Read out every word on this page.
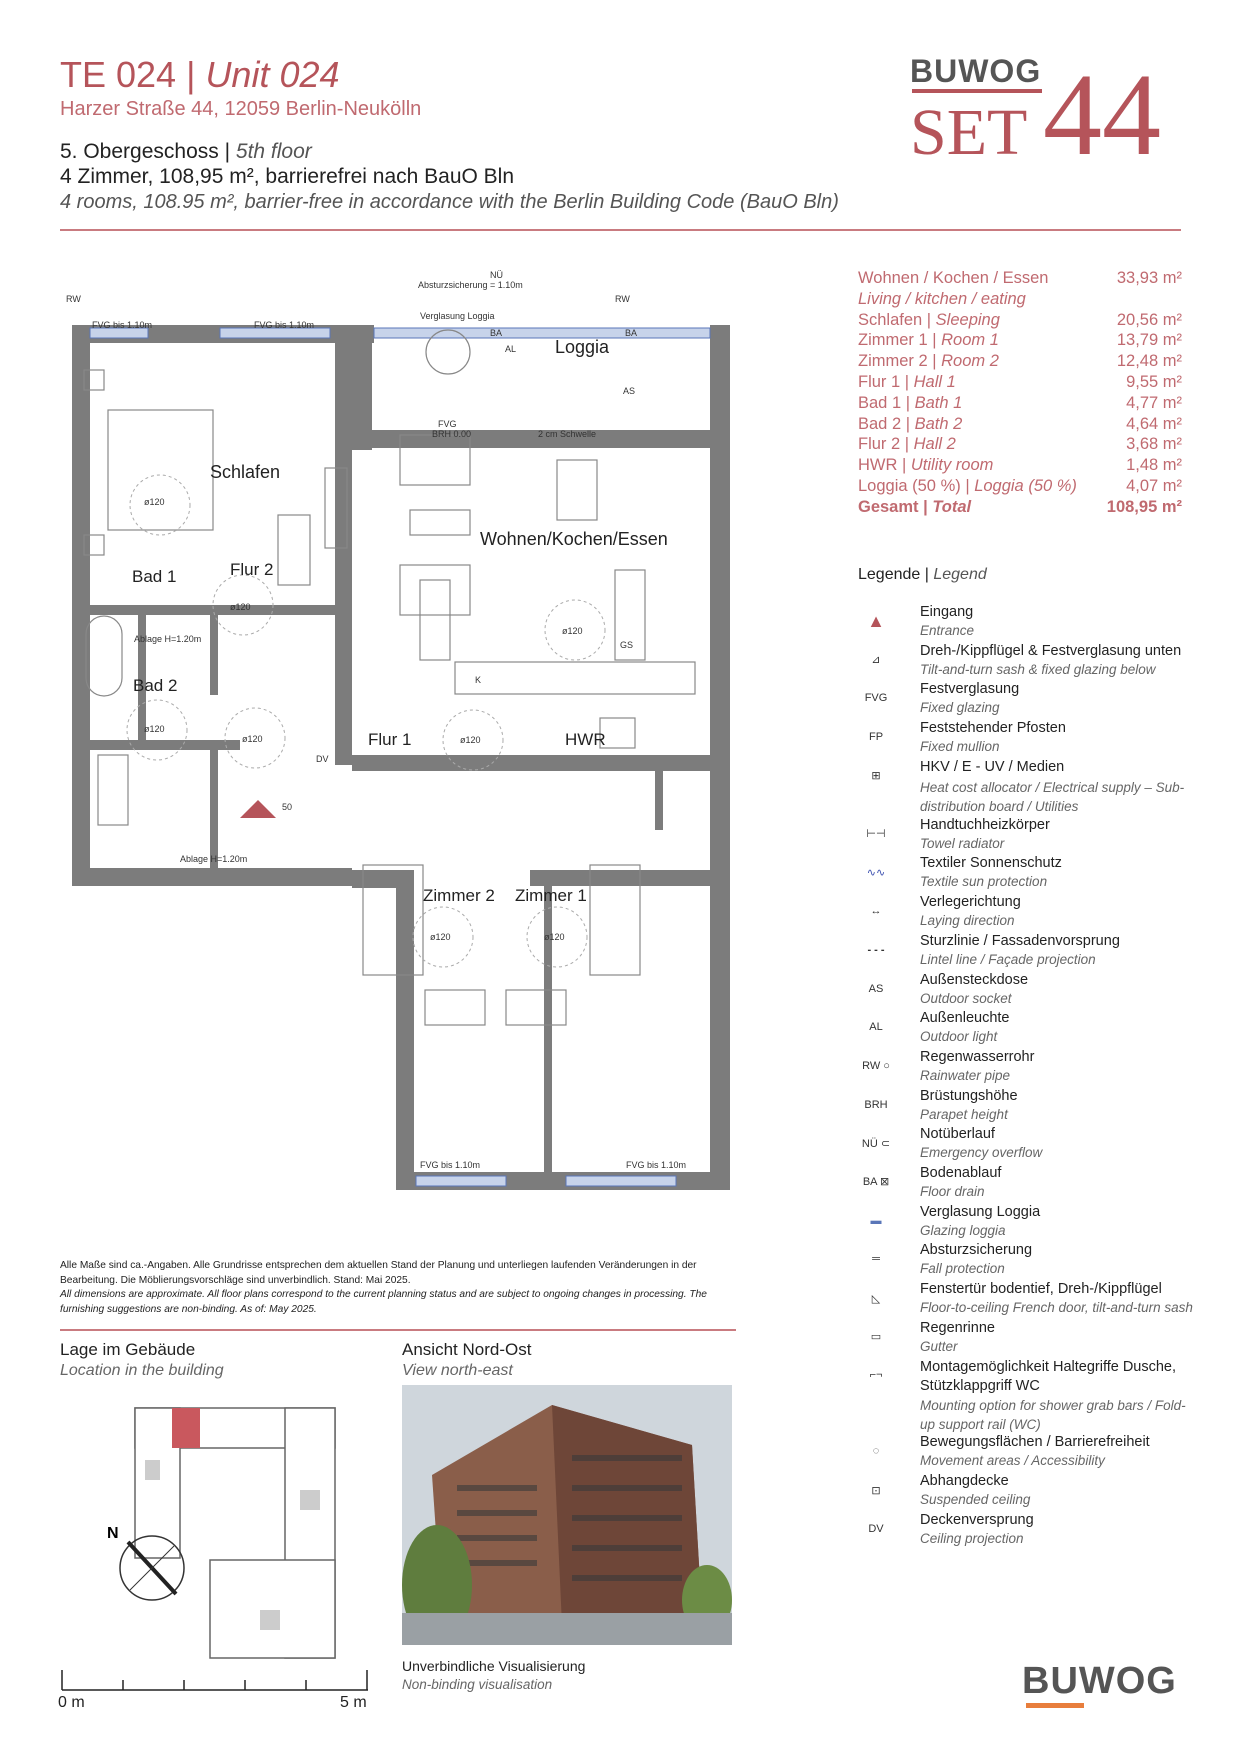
TE 024 | Unit 024
Harzer Straße 44, 12059 Berlin-Neukölln
5. Obergeschoss | 5th floor
4 Zimmer, 108,95 m², barrierefrei nach BauO Bln
4 rooms, 108.95 m², barrier-free in accordance with the Berlin Building Code (BauO Bln)
BUWOG
SET 44
Wohnen / Kochen / Essen	33,93 m²
Living / kitchen / eating
Schlafen | Sleeping	20,56 m²
Zimmer 1 | Room 1	13,79 m²
Zimmer 2 | Room 2	12,48 m²
Flur 1 | Hall 1	9,55 m²
Bad 1 | Bath 1	4,77 m²
Bad 2 | Bath 2	4,64 m²
Flur 2 | Hall 2	3,68 m²
HWR | Utility room	1,48 m²
Loggia (50 %) | Loggia (50 %)	4,07 m²
Gesamt | Total	108,95 m²
Legende | Legend
▲	Eingang
Entrance
⊿
Dreh-/Kippflügel & Festverglasung unten
Tilt-and-turn sash & fixed glazing below
FVG
Festverglasung
Fixed glazing
FP
Feststehender Pfosten
Fixed mullion
⊞
HKV / E - UV / Medien
Heat cost allocator / Electrical supply – Sub-distribution board / Utilities
⊢⊣
Handtuchheizkörper
Towel radiator
∿∿
Textiler Sonnenschutz
Textile sun protection
↔
Verlegerichtung
Laying direction
- - -
Sturzlinie / Fassadenvorsprung
Lintel line / Façade projection
AS
Außensteckdose
Outdoor socket
AL
Außenleuchte
Outdoor light
RW ○
Regenwasserrohr
Rainwater pipe
BRH
Brüstungshöhe
Parapet height
NÜ ⊂
Notüberlauf
Emergency overflow
BA ⊠
Bodenablauf
Floor drain
▬
Verglasung Loggia
Glazing loggia
═
Absturzsicherung
Fall protection
◺
Fenstertür bodentief, Dreh-/Kippflügel
Floor-to-ceiling French door, tilt-and-turn sash
▭
Regenrinne
Gutter
⌐¬	Montagemöglichkeit Haltegriffe Dusche, Stützklappgriff WC
Mounting option for shower grab bars / Fold-up support rail (WC)
◌
Bewegungsflächen / Barrierefreiheit
Movement areas / Accessibility
⊡
Abhangdecke
Suspended ceiling
DV
Deckenversprung
Ceiling projection
Schlafen
Wohnen/Kochen/Essen
Loggia
Bad 1	Flur 2
Bad 2
Flur 1	HWR
Zimmer 2 Zimmer 1
FVG bis 1.10m	FVG bis 1.10m
FVG
BRH 0.00	2 cm Schwelle
Absturzsicherung = 1.10m
RW	RW
Verglasung Loggia
BA
BA
AL
AS
NÜ
ø120
ø120
ø120
ø120	ø120
ø120
ø120	ø120
Ablage H=1.20m
Ablage H=1.20m
K
GS
DV
50
FVG bis 1.10m	FVG bis 1.10m
Alle Maße sind ca.-Angaben. Alle Grundrisse entsprechen dem aktuellen Stand der Planung und unterliegen laufenden Veränderungen in der Bearbeitung. Die Möblierungsvorschläge sind unverbindlich. Stand: Mai 2025.
All dimensions are approximate. All floor plans correspond to the current planning status and are subject to ongoing changes in processing. The furnishing suggestions are non-binding. As of: May 2025.
Lage im Gebäude
Location in the building
Ansicht Nord-Ost
View north-east
N
Unverbindliche Visualisierung
Non-binding visualisation
0 m	5 m
BUWOG
